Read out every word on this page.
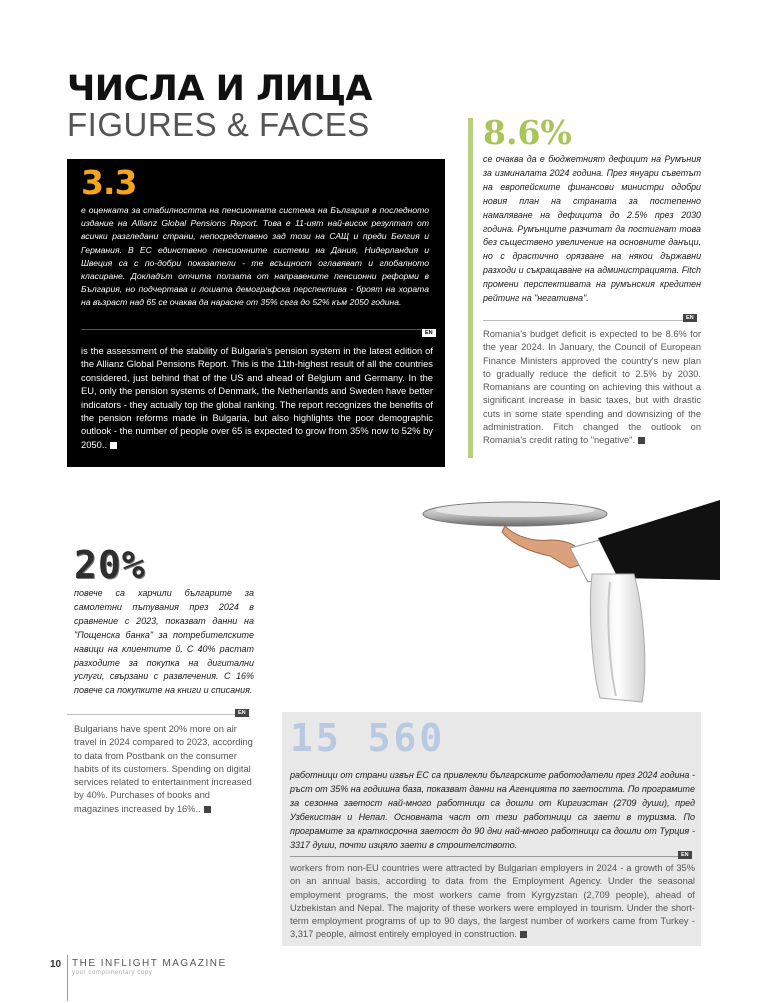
ЧИСЛА И ЛИЦА
FIGURES & FACES
3.3
е оценката за стабилността на пенсионната система на България в последното издание на Allianz Global Pensions Report. Това е 11-ият най-висок резултат от всички разгледани страни, непосредствено зад този на САЩ и преди Белгия и Германия. В ЕС единствено пенсионните системи на Дания, Нидерландия и Швеция са с по-добри показатели - те всъщност оглавяват и глобалното класиране. Докладът отчита ползата от направените пенсионни реформи в България, но подчертава и лошата демографска перспектива - броят на хората на възраст над 65 се очаква да нарасне от 35% сега до 52% към 2050 година.
EN
is the assessment of the stability of Bulgaria's pension system in the latest edition of the Allianz Global Pensions Report. This is the 11th-highest result of all the countries considered, just behind that of the US and ahead of Belgium and Germany. In the EU, only the pension systems of Denmark, the Netherlands and Sweden have better indicators - they actually top the global ranking. The report recognizes the benefits of the pension reforms made in Bulgaria, but also highlights the poor demographic outlook - the number of people over 65 is expected to grow from 35% now to 52% by 2050..
8.6%
се очаква да е бюджетният дефицит на Румъния за изминалата 2024 година. През януари съветът на европейските финансови министри одобри новия план на страната за постепенно намаляване на дефицита до 2.5% през 2030 година. Румънците разчитат да постигнат това без съществено увеличение на основните данъци, но с драстично орязване на някои държавни разходи и съкращаване на администрацията. Fitch промени перспективата на румънския кредитен рейтинг на "негативна".
EN
Romania's budget deficit is expected to be 8.6% for the year 2024. In January, the Council of European Finance Ministers approved the country's new plan to gradually reduce the deficit to 2.5% by 2030. Romanians are counting on achieving this without a significant increase in basic taxes, but with drastic cuts in some state spending and downsizing of the administration. Fitch changed the outlook on Romania's credit rating to "negative".
20%
повече са харчили българите за самолетни пътувания през 2024 в сравнение с 2023, показват данни на "Пощенска банка" за потребителските навици на клиентите й. С 40% растат разходите за покупка на дигитални услуги, свързани с развлечения. С 16% повече са покупките на книги и списания.
EN
Bulgarians have spent 20% more on air travel in 2024 compared to 2023, according to data from Postbank on the consumer habits of its customers. Spending on digital services related to entertainment increased by 40%. Purchases of books and magazines increased by 16%..
15 560
работници от страни извън ЕС са привлекли българските работодатели през 2024 година - ръст от 35% на годишна база, показват данни на Агенцията по заетостта. По програмите за сезонна заетост най-много работници са дошли от Киргизстан (2709 души), пред Узбекистан и Непал. Основната част от тези работници са заети в туризма. По програмите за краткосрочна заетост до 90 дни най-много работници са дошли от Турция - 3317 души, почти изцяло заети в строителството.
EN
workers from non-EU countries were attracted by Bulgarian employers in 2024 - a growth of 35% on an annual basis, according to data from the Employment Agency. Under the seasonal employment programs, the most workers came from Kyrgyzstan (2,709 people), ahead of Uzbekistan and Nepal. The majority of these workers were employed in tourism. Under the short-term employment programs of up to 90 days, the largest number of workers came from Turkey - 3,317 people, almost entirely employed in construction.
10 THE INFLIGHT MAGAZINE
your complimentary copy
